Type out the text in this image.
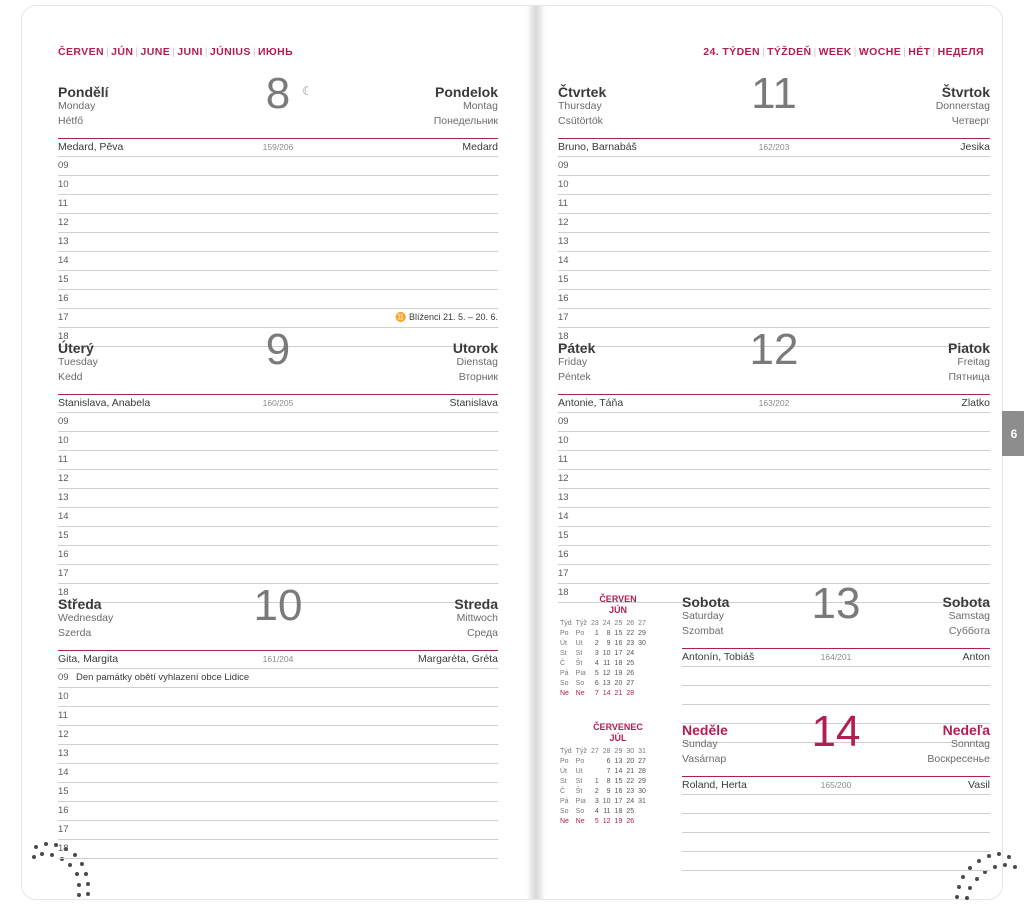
ČERVEN | JÚN | JUNE | JUNI | JÚNIUS | ИЮНЬ
Pondělí
Monday
Hétfő
Pondelok
Montag
Понедельник
8 ☾
Medard, Pěva	159/206	Medard
09
10
11
12
13
14
15
16
17	♊ Blíženci 21. 5. – 20. 6.
18
Úterý
Tuesday
Kedd
Utorok
Dienstag
Вторник
9
Stanislava, Anabela	160/205	Stanislava
09
10
11
12
13
14
15
16
17
18
Středa
Wednesday
Szerda
Streda
Mittwoch
Среда
10
Gita, Margita	161/204	Margaréta, Gréta
09 Den památky obětí vyhlazení obce Lidice
10
11
12
13
14
15
16
17
18
24. TÝDEN | TÝŽDEŇ | WEEK | WOCHE | HÉT | НЕДЕЛЯ
Čtvrtek
Thursday
Csütörtök
Štvrtok
Donnerstag
Четверг
11
Bruno, Barnabáš	162/203	Jesika
09
10
11
12
13
14
15
16
17
18
Pátek
Friday
Péntek
Piatok
Freitag
Пятница
12
Antonie, Táňa	163/202	Zlatko
09
10
11
12
13
14
15
16
17
18
ČERVEN
JÚN
Týd	Týž	23	24	25	26	27
Po	Po	1	8	15	22	29
Út	Ut	2	9	16	23	30
St	St	3	10	17	24	
Č	Št	4	11	18	25	
Pá	Pia	5	12	19	26	
So	So	6	13	20	27	
Ne	Ne	7	14	21	28	
ČERVENEC
JÚL
Týd	Týž	27	28	29	30	31
Po	Po		6	13	20	27
Út	Ut		7	14	21	28
St	St	1	8	15	22	29
Č	Št	2	9	16	23	30
Pá	Pia	3	10	17	24	31
So	So	4	11	18	25	
Ne	Ne	5	12	19	26	
Sobota
Saturday
Szombat
Sobota
Samstag
Суббота
13
Antonín, Tobiáš	164/201	Anton
Neděle
Sunday
Vasárnap
Nedeľa
Sonntag
Воскресенье
14
Roland, Herta	165/200	Vasil
6
